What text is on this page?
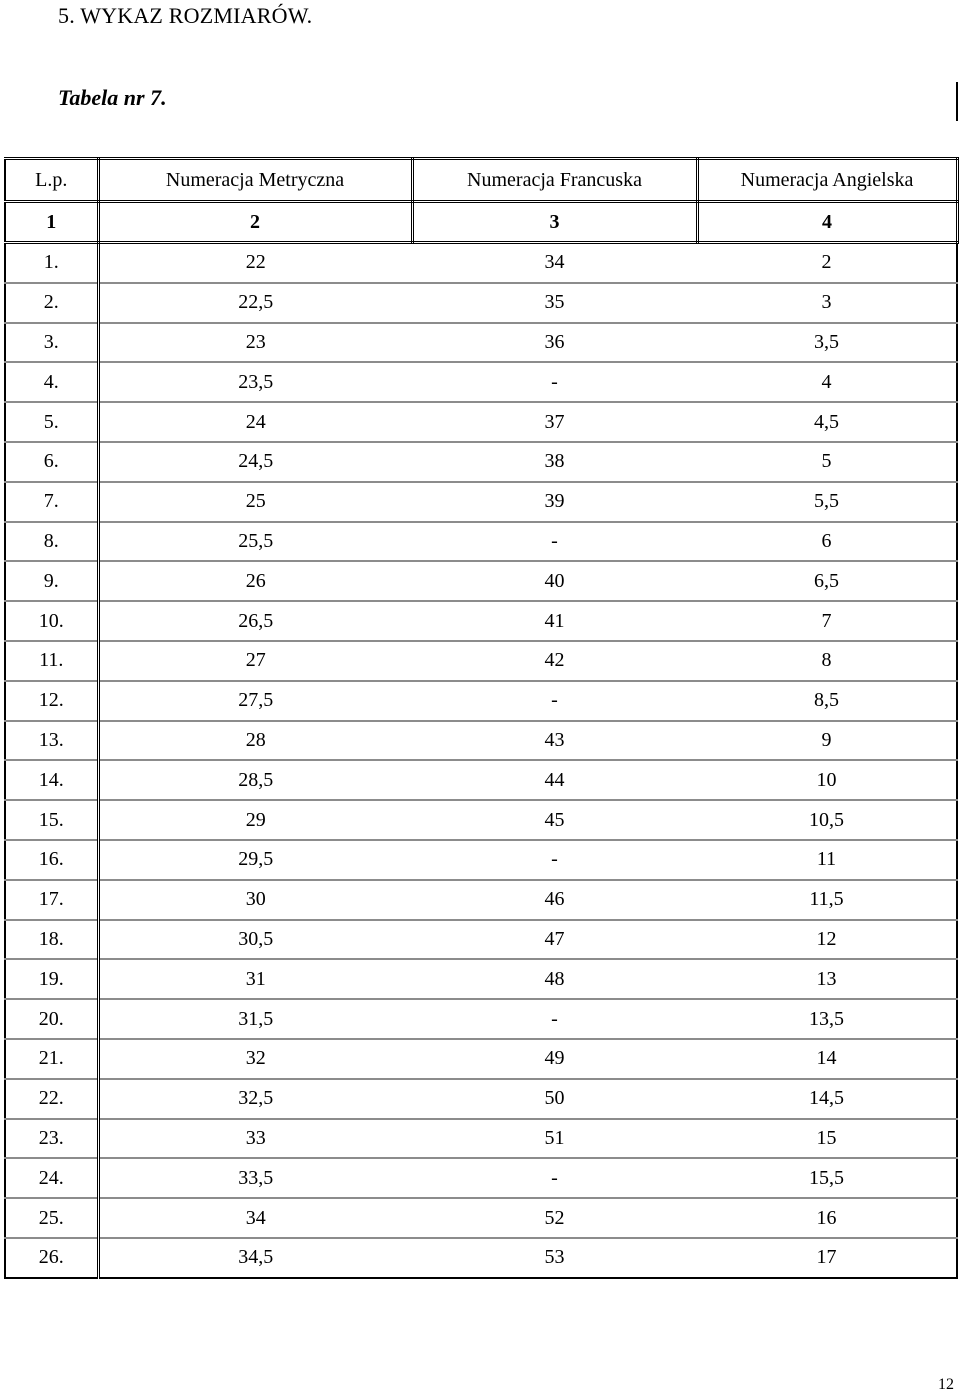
5. WYKAZ ROZMIARÓW.
Tabela nr 7.
L.p.	Numeracja Metryczna	Numeracja Francuska	Numeracja Angielska
1	2	3	4
1.	22	34	2
2.	22,5	35	3
3.	23	36	3,5
4.	23,5	-	4
5.	24	37	4,5
6.	24,5	38	5
7.	25	39	5,5
8.	25,5	-	6
9.	26	40	6,5
10.	26,5	41	7
11.	27	42	8
12.	27,5	-	8,5
13.	28	43	9
14.	28,5	44	10
15.	29	45	10,5
16.	29,5	-	11
17.	30	46	11,5
18.	30,5	47	12
19.	31	48	13
20.	31,5	-	13,5
21.	32	49	14
22.	32,5	50	14,5
23.	33	51	15
24.	33,5	-	15,5
25.	34	52	16
26.	34,5	53	17
12
